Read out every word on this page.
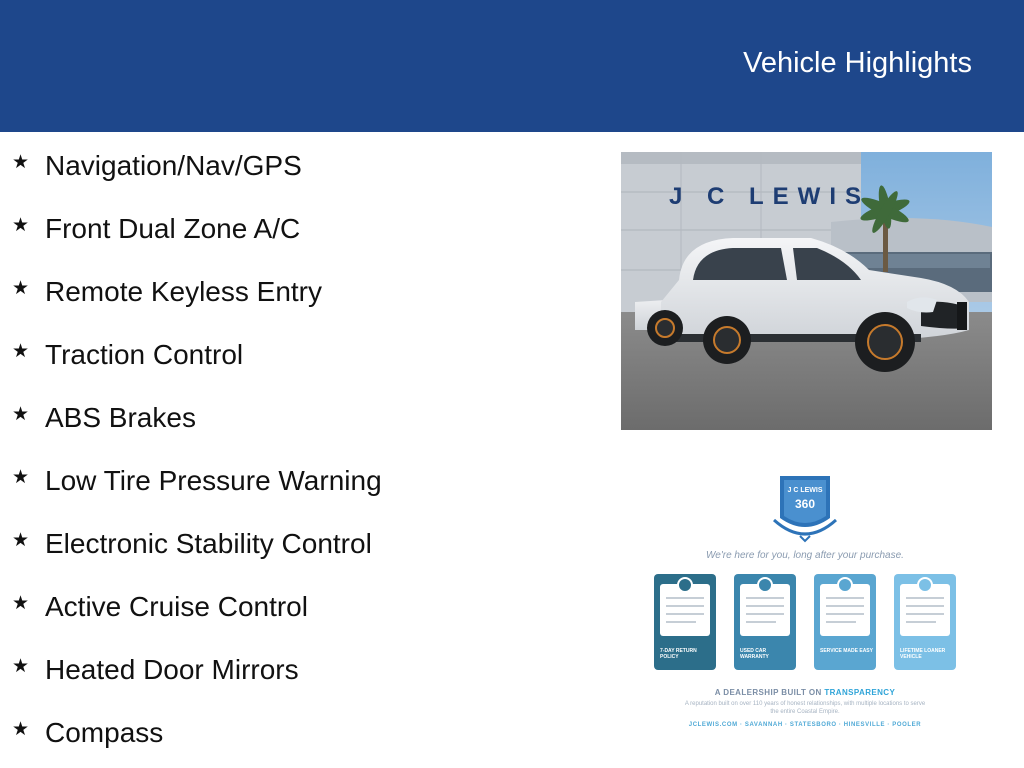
Vehicle Highlights
★ Navigation/Nav/GPS
★ Front Dual Zone A/C
★ Remote Keyless Entry
★ Traction Control
★ ABS Brakes
★ Low Tire Pressure Warning
★ Electronic Stability Control
★ Active Cruise Control
★ Heated Door Mirrors
★ Compass
J C LEWIS
J C LEWIS
360
We're here for you, long after your purchase.
7-DAY RETURN POLICY
USED CAR WARRANTY
SERVICE MADE EASY	LIFETIME LOANER VEHICLE
A DEALERSHIP BUILT ON TRANSPARENCY
A reputation built on over 110 years of honest relationships, with multiple locations to serve the entire Coastal Empire.
JCLEWIS.COM · SAVANNAH · STATESBORO · HINESVILLE · POOLER
